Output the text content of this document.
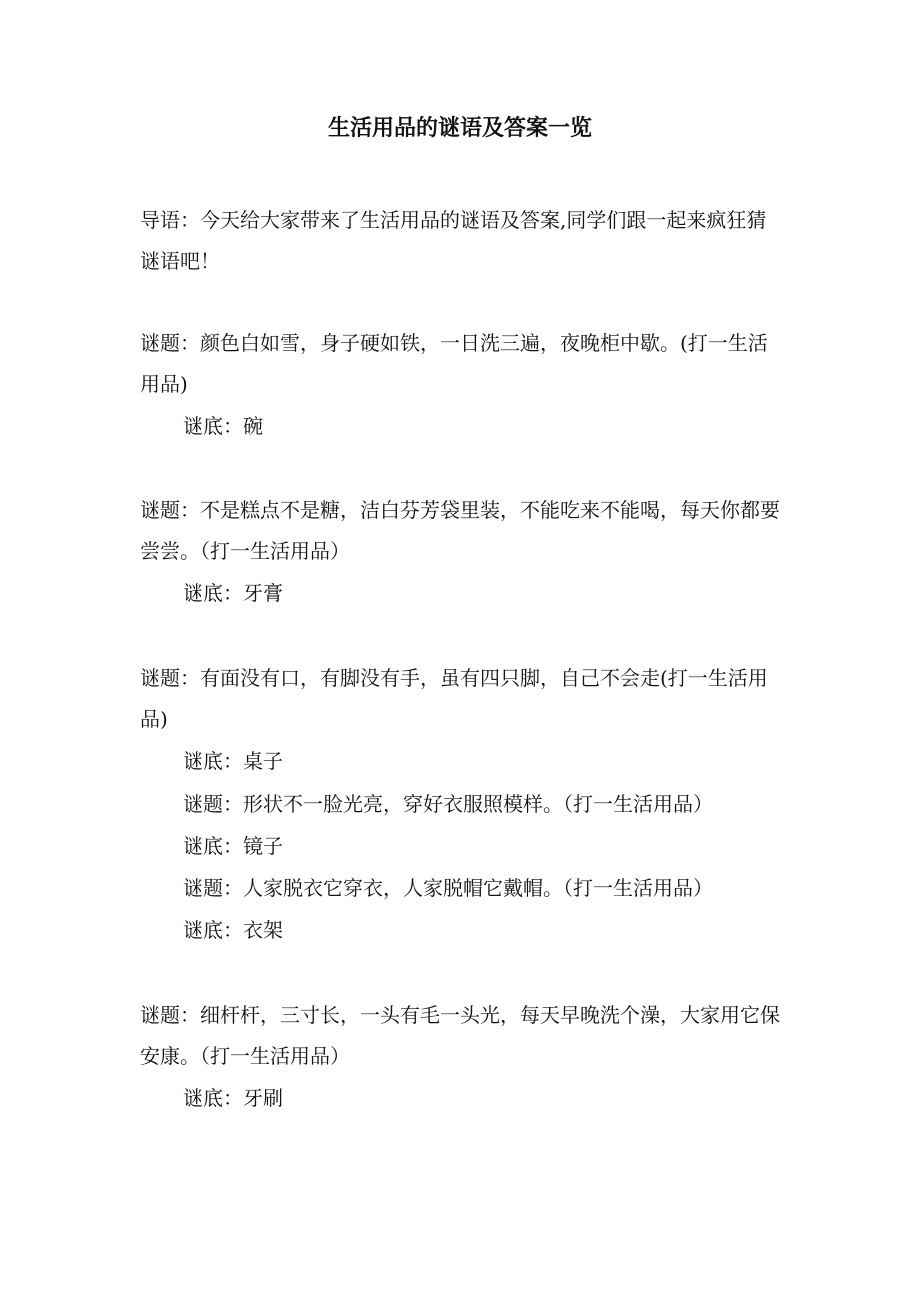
生活用品的谜语及答案一览

导语：今天给大家带来了生活用品的谜语及答案,同学们跟一起来疯狂猜谜语吧！

谜题：颜色白如雪，身子硬如铁，一日洗三遍，夜晚柜中歇。(打一生活用品)

谜底：碗

谜题：不是糕点不是糖，洁白芬芳袋里装，不能吃来不能喝，每天你都要尝尝。（打一生活用品）

谜底：牙膏

谜题：有面没有口，有脚没有手，虽有四只脚，自己不会走(打一生活用品)

谜底：桌子

谜题：形状不一脸光亮，穿好衣服照模样。（打一生活用品）

谜底：镜子

谜题：人家脱衣它穿衣，人家脱帽它戴帽。（打一生活用品）

谜底：衣架

谜题：细杆杆，三寸长，一头有毛一头光，每天早晚洗个澡，大家用它保安康。（打一生活用品）

谜底：牙刷
